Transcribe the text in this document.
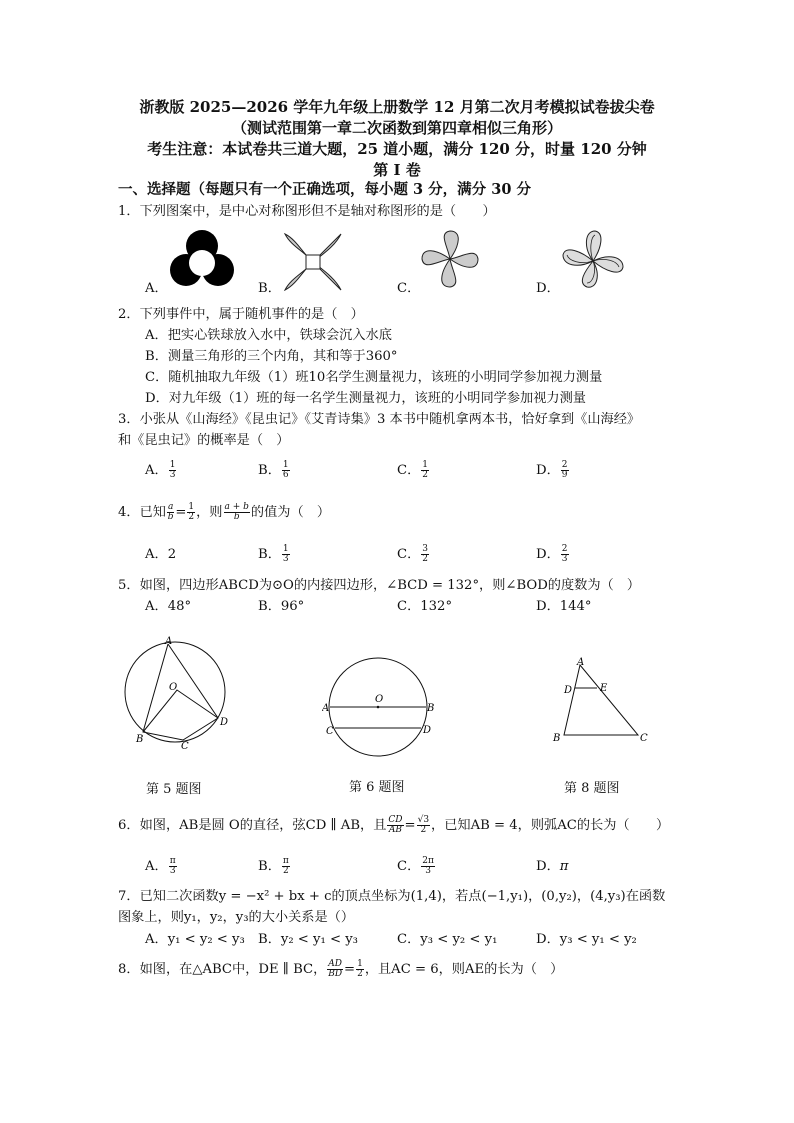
浙教版 2025—2026 学年九年级上册数学 12 月第二次月考模拟试卷拔尖卷
（测试范围第一章二次函数到第四章相似三角形）
考生注意：本试卷共三道大题，25 道小题，满分 120 分，时量 120 分钟
第 I 卷
一、选择题（每题只有一个正确选项，每小题 3 分，满分 30 分
1．下列图案中，是中心对称图形但不是轴对称图形的是（　　）
A．	B．	C．	D．
2．下列事件中，属于随机事件的是（　）
A．把实心铁球放入水中，铁球会沉入水底
B．测量三角形的三个内角，其和等于360°
C．随机抽取九年级（1）班10名学生测量视力，该班的小明同学参加视力测量
D．对九年级（1）班的每一名学生测量视力，该班的小明同学参加视力测量
3．小张从《山海经》《昆虫记》《艾青诗集》3 本书中随机拿两本书，恰好拿到《山海经》
和《昆虫记》的概率是（　）
A． $\frac{1}{3}$	B． $\frac{1}{6}$	C． $\frac{1}{2}$	D． $\frac{2}{9}$
4．已知 $\frac{a}{b} = \frac{1}{2}$ ，则 $\frac{a + b}{b}$ 的值为（　）
A．2	B． $\frac{1}{3}$	C． $\frac{3}{2}$	D． $\frac{2}{3}$
5．如图，四边形ABCD为⊙O的内接四边形，∠BCD = 132°，则∠BOD的度数为（　）
A．48°	B．96°	C．132°	D．144°
A
O
B
C
D
O
A	B
C	D
A
D	E
B	C
第 5 题图	第 6 题图	第 8 题图
6．如图，AB是圆 O的直径，弦CD ∥ AB，且 $\frac{CD}{AB} = \frac{√3}{2}$ ，已知AB = 4，则弧AC的长为（　　）
A． $\frac{\pi}{3}$	B． $\frac{\pi}{2}$	C． $\frac{2\pi}{3}$	D．π
7．已知二次函数y = −x² + bx + c的顶点坐标为(1,4)，若点(−1,y₁)，(0,y₂)，(4,y₃)在函数
图象上，则y₁，y₂，y₃的大小关系是（）
A．y₁ < y₂ < y₃ B．y₂ < y₁ < y₃	C．y₃ < y₂ < y₁	D．y₃ < y₁ < y₂
8．如图，在△ABC中，DE ∥ BC， $\frac{AD}{BD} = \frac{1}{2}$ ，且AC = 6，则AE的长为（　）
